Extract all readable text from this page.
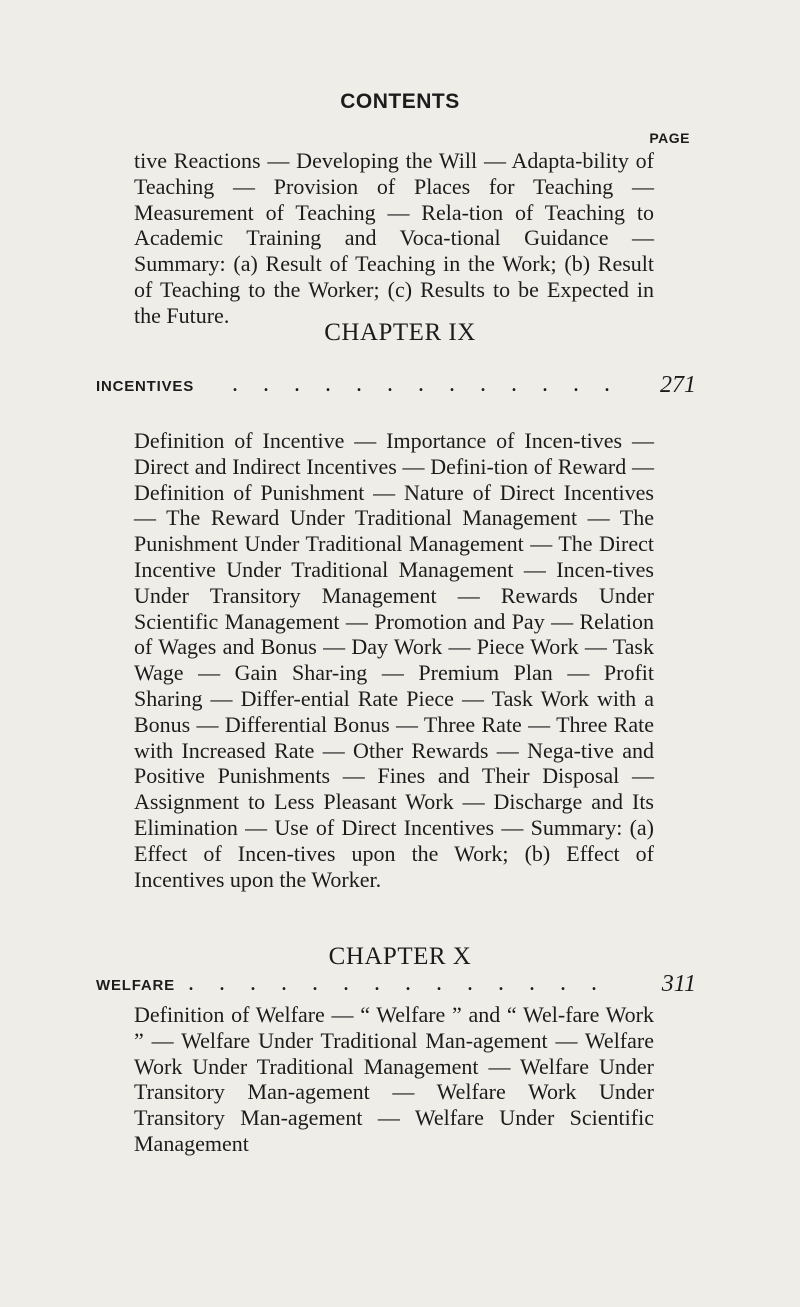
CONTENTS
PAGE
tive Reactions — Developing the Will — Adapta-bility of Teaching — Provision of Places for Teaching — Measurement of Teaching — Rela-tion of Teaching to Academic Training and Voca-tional Guidance — Summary: (a) Result of Teaching in the Work; (b) Result of Teaching to the Worker; (c) Results to be Expected in the Future.
CHAPTER IX
INCENTIVES . . . . . . . . . . . . . 271
Definition of Incentive — Importance of Incen-tives — Direct and Indirect Incentives — Defini-tion of Reward — Definition of Punishment — Nature of Direct Incentives — The Reward Under Traditional Management — The Punishment Under Traditional Management — The Direct Incentive Under Traditional Management — Incen-tives Under Transitory Management — Rewards Under Scientific Management — Promotion and Pay — Relation of Wages and Bonus — Day Work — Piece Work — Task Wage — Gain Shar-ing — Premium Plan — Profit Sharing — Differ-ential Rate Piece — Task Work with a Bonus — Differential Bonus — Three Rate — Three Rate with Increased Rate — Other Rewards — Nega-tive and Positive Punishments — Fines and Their Disposal — Assignment to Less Pleasant Work — Discharge and Its Elimination — Use of Direct Incentives — Summary: (a) Effect of Incen-tives upon the Work; (b) Effect of Incentives upon the Worker.
CHAPTER X
WELFARE . . . . . . . . . . . . . . 311
Definition of Welfare — “ Welfare ” and “ Wel-fare Work ” — Welfare Under Traditional Man-agement — Welfare Work Under Traditional Management — Welfare Under Transitory Man-agement — Welfare Work Under Transitory Man-agement — Welfare Under Scientific Management
